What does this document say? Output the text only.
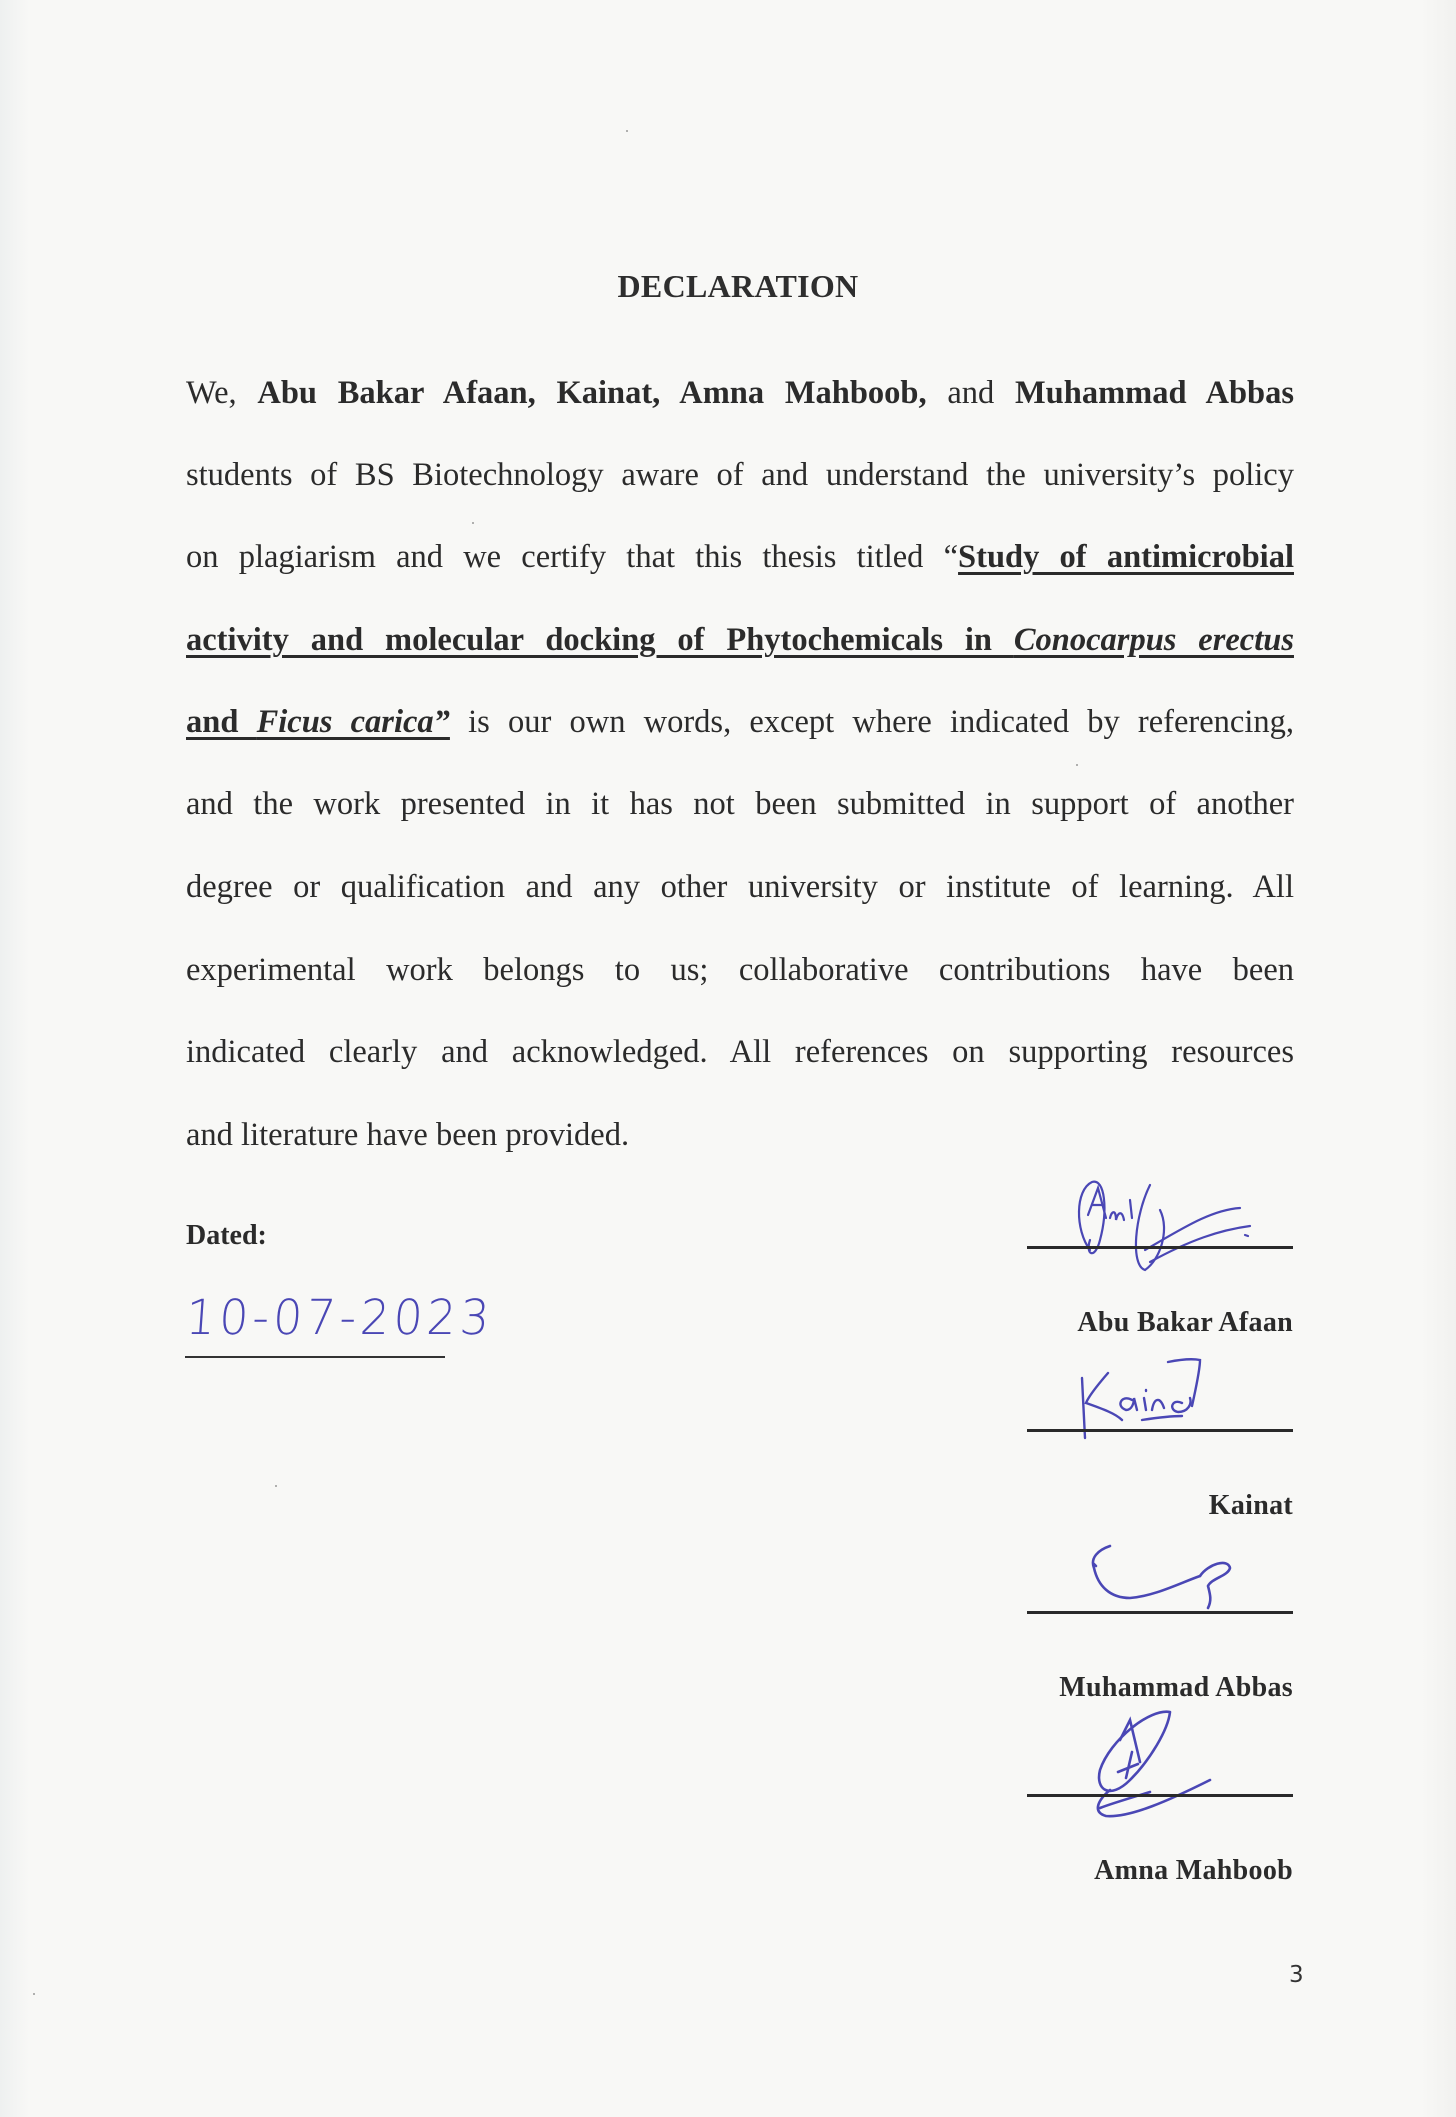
DECLARATION
We, Abu Bakar Afaan, Kainat, Amna Mahboob, and Muhammad Abbas
students of BS Biotechnology aware of and understand the university’s policy
on plagiarism and we certify that this thesis titled “Study of antimicrobial
activity and molecular docking of Phytochemicals in Conocarpus erectus
and Ficus carica” is our own words, except where indicated by referencing,
and the work presented in it has not been submitted in support of another
degree or qualification and any other university or institute of learning. All
experimental work belongs to us; collaborative contributions have been
indicated clearly and acknowledged. All references on supporting resources
and literature have been provided.
Dated:
10-07-2023	Abu Bakar Afaan
Kainat
Muhammad Abbas
Amna Mahboob
3
